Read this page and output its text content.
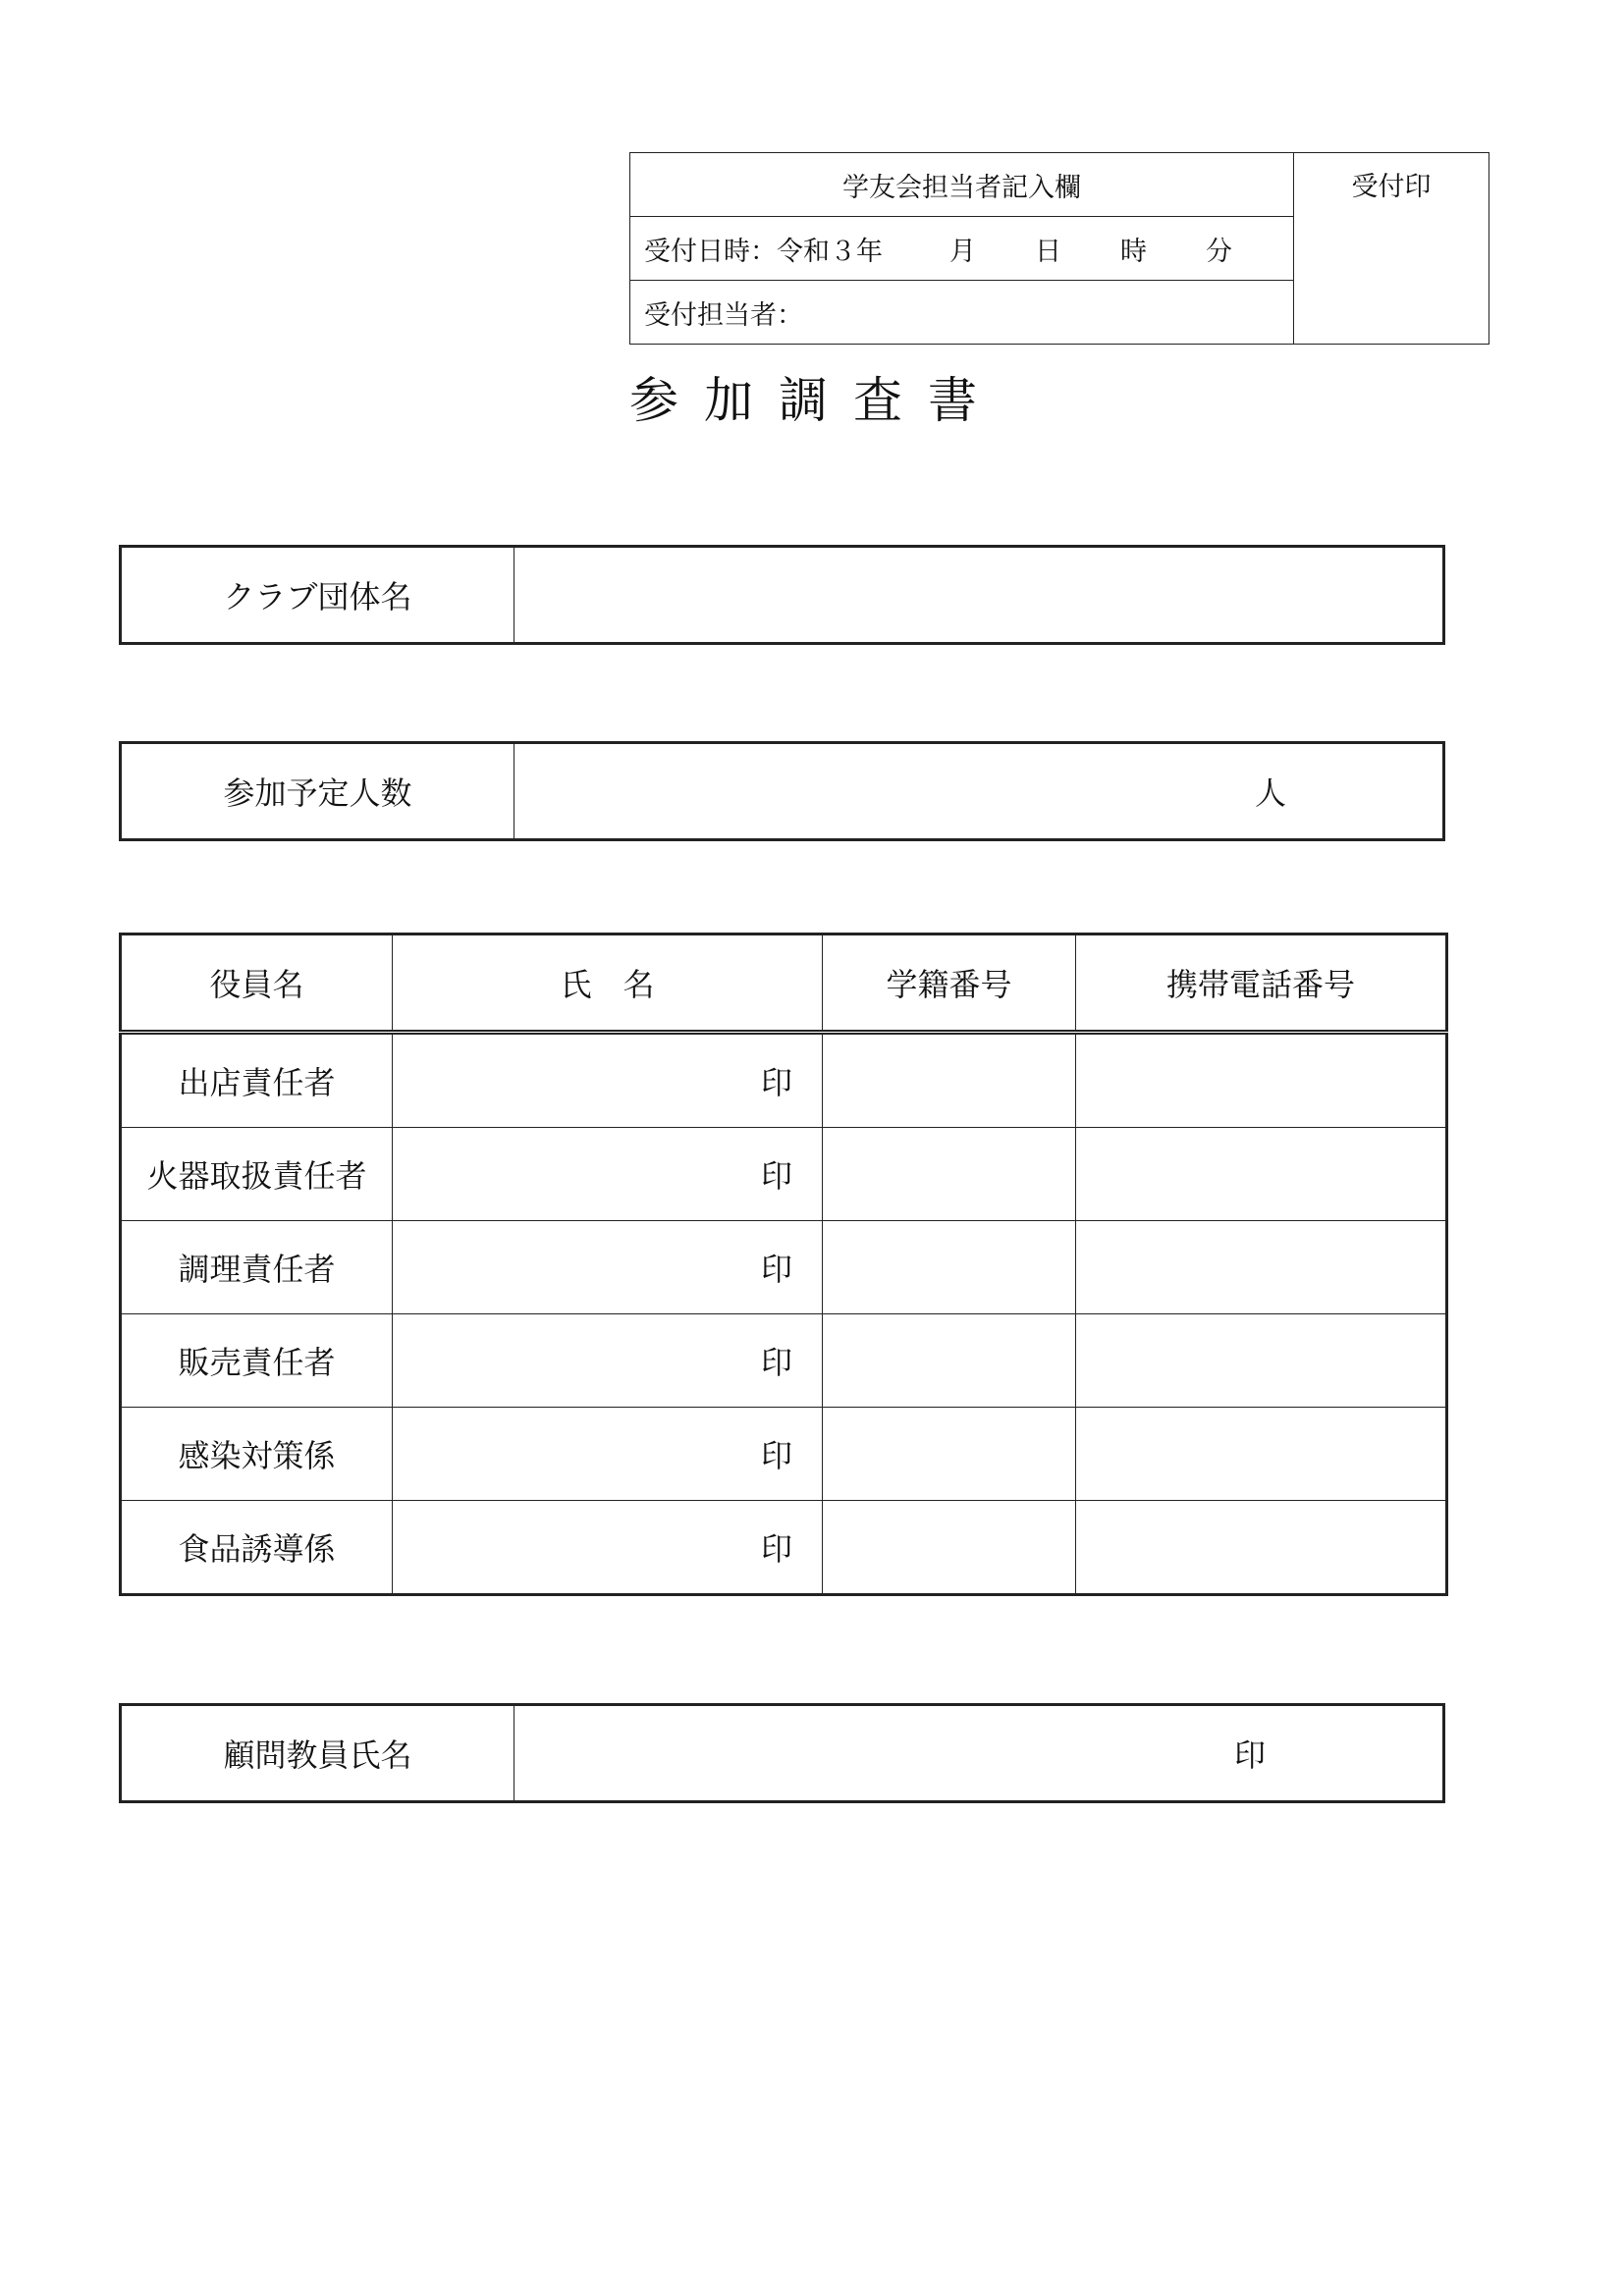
学友会担当者記入欄	受付印
受付日時：令和３年	月 日 時 分
受付担当者：
参加調査書
クラブ団体名	
参加予定人数	人
役員名	氏　名	学籍番号	携帯電話番号
出店責任者	印		
火器取扱責任者	印		
調理責任者	印		
販売責任者	印		
感染対策係	印		
食品誘導係	印		
顧問教員氏名	印
